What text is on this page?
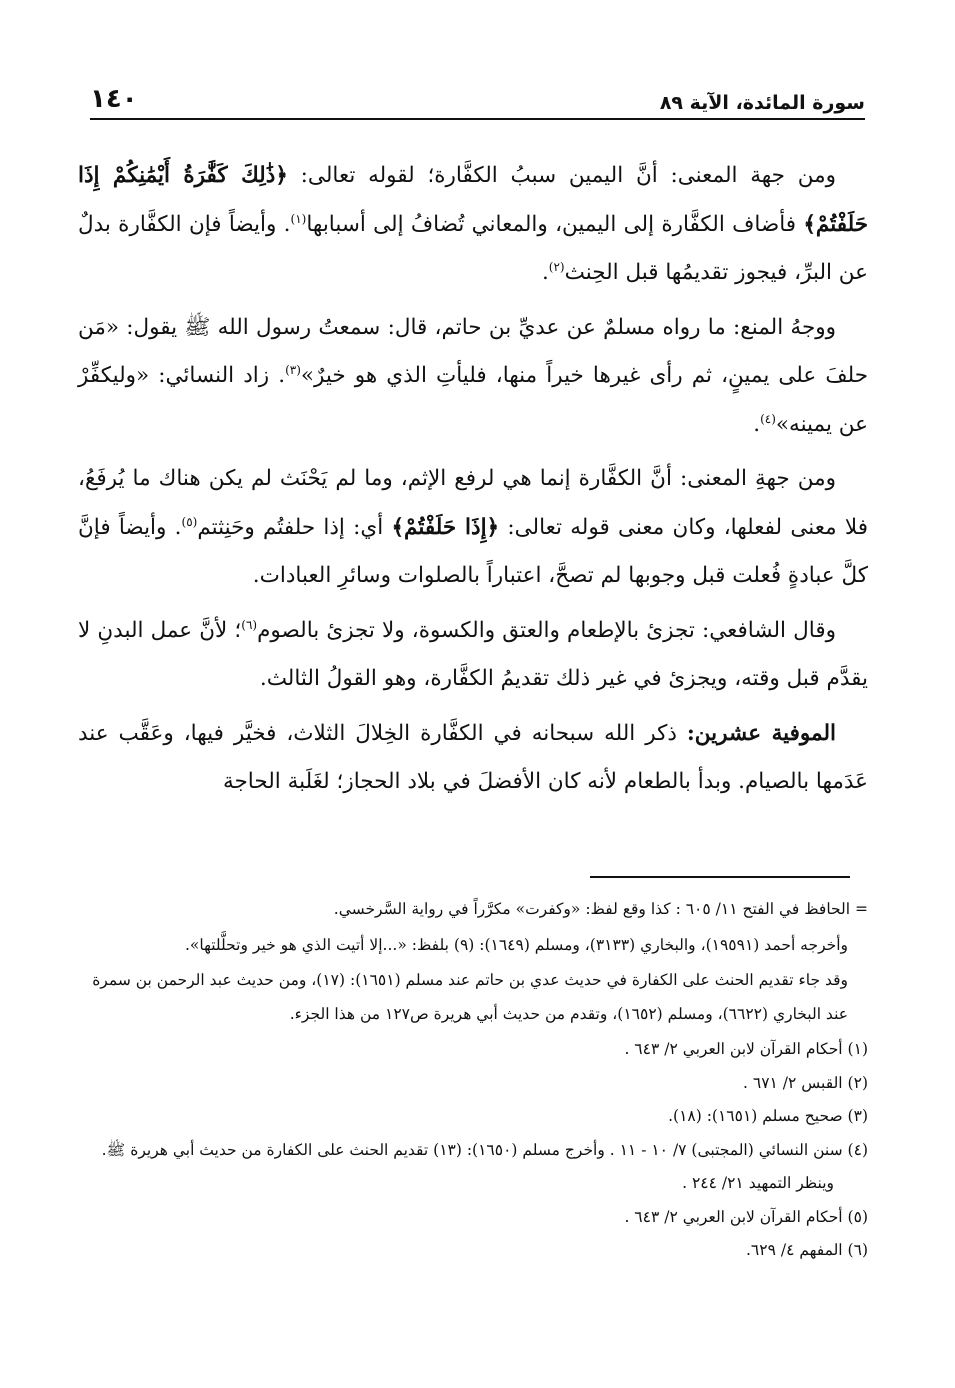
سورة المائدة، الآية ٨٩
١٤٠

ومن جهة المعنى: أنَّ اليمين سببُ الكفَّارة؛ لقوله تعالى: ﴿ذَٰلِكَ كَفَّٰرَةُ أَيْمَٰنِكُمْ إِذَا حَلَفْتُمْ﴾ فأضاف الكفَّارة إلى اليمين، والمعاني تُضافُ إلى أسبابها$^{(١)}$. وأيضاً فإن الكفَّارة بدلٌ عن البرِّ، فيجوز تقديمُها قبل الحِنث$^{(٢)}$.

ووجهُ المنع: ما رواه مسلمٌ عن عديِّ بن حاتم، قال: سمعتُ رسول الله ﷺ يقول: «مَن حلفَ على يمينٍ، ثم رأى غيرها خيراً منها، فليأتِ الذي هو خيرٌ»$^{(٣)}$. زاد النسائي: «وليكفِّرْ عن يمينه»$^{(٤)}$.

ومن جهةِ المعنى: أنَّ الكفَّارة إنما هي لرفع الإثم، وما لم يَحْنَث لم يكن هناك ما يُرفَعُ، فلا معنى لفعلها، وكان معنى قوله تعالى: ﴿إِذَا حَلَفْتُمْ﴾ أي: إذا حلفتُم وحَنِثتم$^{(٥)}$. وأيضاً فإنَّ كلَّ عبادةٍ فُعلت قبل وجوبها لم تصحَّ، اعتباراً بالصلوات وسائرِ العبادات.

وقال الشافعي: تجزئ بالإطعام والعتق والكسوة، ولا تجزئ بالصوم$^{(٦)}$؛ لأنَّ عمل البدنِ لا يقدَّم قبل وقته، ويجزئ في غير ذلك تقديمُ الكفَّارة، وهو القولُ الثالث.

الموفية عشرين: ذكر الله سبحانه في الكفَّارة الخِلالَ الثلاث، فخيَّر فيها، وعَقَّب عند عَدَمها بالصيام. وبدأ بالطعام لأنه كان الأفضلَ في بلاد الحجاز؛ لغَلَبة الحاجة

= الحافظ في الفتح ١١/ ٦٠٥ : كذا وقع لفظ: «وكفرت» مكرَّراً في رواية السَّرخسي.

وأخرجه أحمد (١٩٥٩١)، والبخاري (٣١٣٣)، ومسلم (١٦٤٩): (٩) بلفظ: «...إلا أتيت الذي هو خير وتحلَّلتها».

وقد جاء تقديم الحنث على الكفارة في حديث عدي بن حاتم عند مسلم (١٦٥١): (١٧)، ومن حديث عبد الرحمن بن سمرة عند البخاري (٦٦٢٢)، ومسلم (١٦٥٢)، وتقدم من حديث أبي هريرة ص١٢٧ من هذا الجزء.

(١) أحكام القرآن لابن العربي ٢/ ٦٤٣ .

(٢) القبس ٢/ ٦٧١ .

(٣) صحيح مسلم (١٦٥١): (١٨).

(٤) سنن النسائي (المجتبى) ٧/ ١٠ - ١١ . وأخرج مسلم (١٦٥٠): (١٣) تقديم الحنث على الكفارة من حديث أبي هريرة ﷺ. وينظر التمهيد ٢١/ ٢٤٤ .

(٥) أحكام القرآن لابن العربي ٢/ ٦٤٣ .

(٦) المفهم ٤/ ٦٢٩.
